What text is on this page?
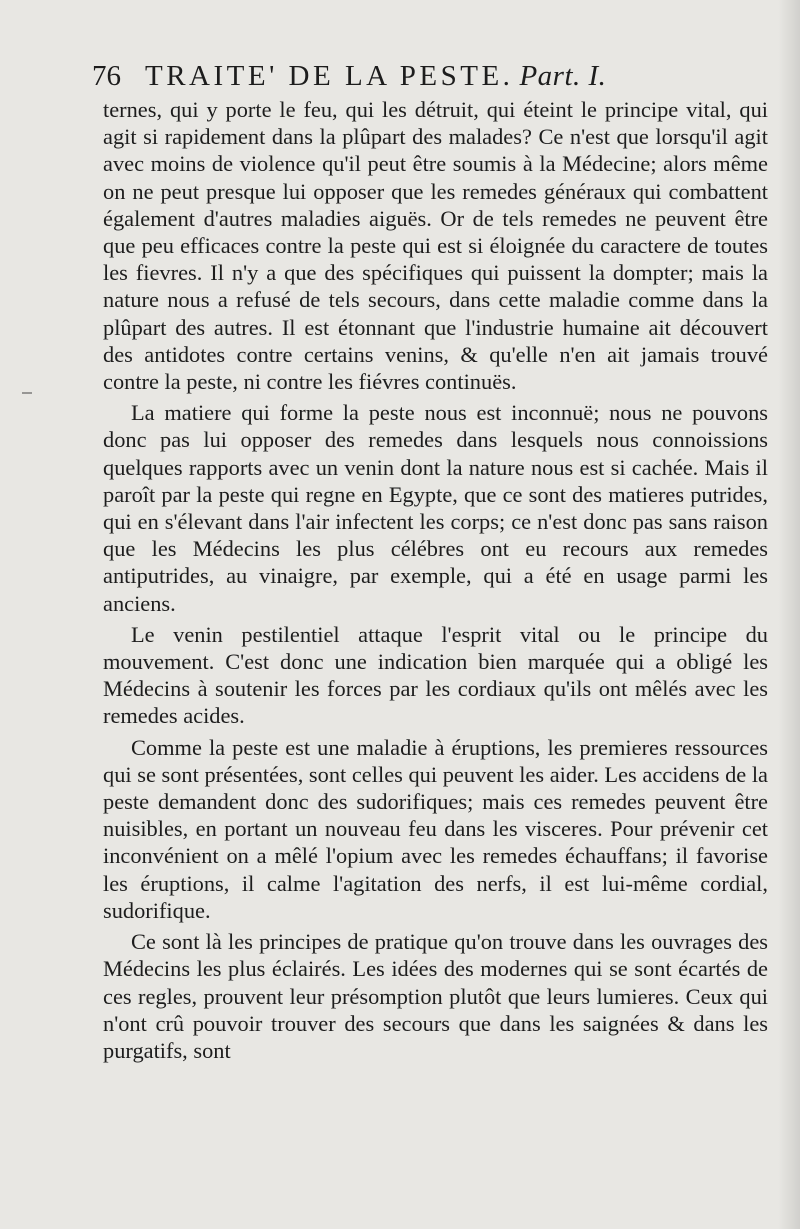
76 TRAITE' DE LA PESTE. Part. I.

ternes, qui y porte le feu, qui les détruit, qui éteint le principe vital, qui agit si rapidement dans la plûpart des malades? Ce n'est que lorsqu'il agit avec moins de violence qu'il peut être soumis à la Médecine; alors même on ne peut presque lui opposer que les remedes généraux qui combattent également d'autres maladies aiguës. Or de tels remedes ne peuvent être que peu efficaces contre la peste qui est si éloignée du caractere de toutes les fievres. Il n'y a que des spécifiques qui puissent la dompter; mais la nature nous a refusé de tels secours, dans cette maladie comme dans la plûpart des autres. Il est étonnant que l'industrie humaine ait découvert des antidotes contre certains venins, & qu'elle n'en ait jamais trouvé contre la peste, ni contre les fiévres continuës.

La matiere qui forme la peste nous est inconnuë; nous ne pouvons donc pas lui opposer des remedes dans lesquels nous connoissions quelques rapports avec un venin dont la nature nous est si cachée. Mais il paroît par la peste qui regne en Egypte, que ce sont des matieres putrides, qui en s'élevant dans l'air infectent les corps; ce n'est donc pas sans raison que les Médecins les plus célébres ont eu recours aux remedes antiputrides, au vinaigre, par exemple, qui a été en usage parmi les anciens.

Le venin pestilentiel attaque l'esprit vital ou le principe du mouvement. C'est donc une indication bien marquée qui a obligé les Médecins à soutenir les forces par les cordiaux qu'ils ont mêlés avec les remedes acides.

Comme la peste est une maladie à éruptions, les premieres ressources qui se sont présentées, sont celles qui peuvent les aider. Les accidens de la peste demandent donc des sudorifiques; mais ces remedes peuvent être nuisibles, en portant un nouveau feu dans les visceres. Pour prévenir cet inconvénient on a mêlé l'opium avec les remedes échauffans; il favorise les éruptions, il calme l'agitation des nerfs, il est lui-même cordial, sudorifique.

Ce sont là les principes de pratique qu'on trouve dans les ouvrages des Médecins les plus éclairés. Les idées des modernes qui se sont écartés de ces regles, prouvent leur présomption plutôt que leurs lumieres. Ceux qui n'ont crû pouvoir trouver des secours que dans les saignées & dans les purgatifs, sont
